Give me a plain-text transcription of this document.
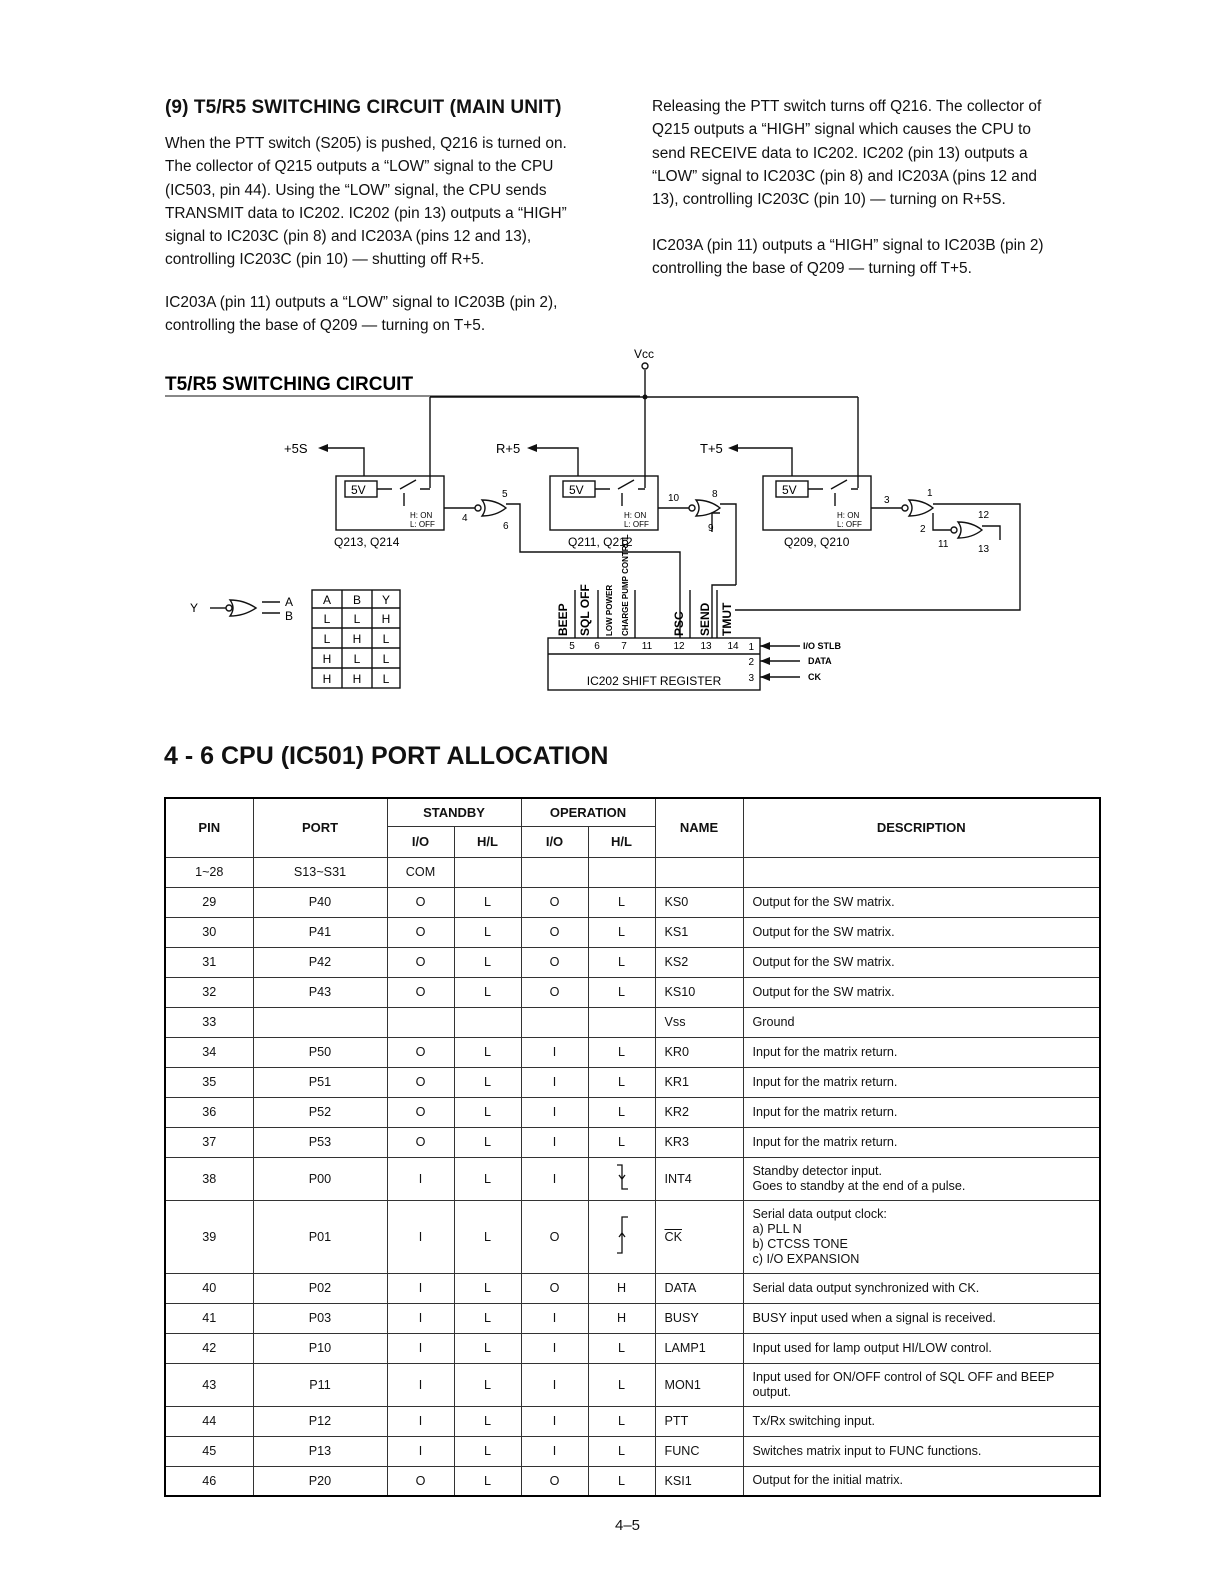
(9) T5/R5 SWITCHING CIRCUIT (MAIN UNIT)

When the PTT switch (S205) is pushed, Q216 is turned on.
The collector of Q215 outputs a “LOW” signal to the CPU
(IC503, pin 44). Using the “LOW” signal, the CPU sends
TRANSMIT data to IC202. IC202 (pin 13) outputs a “HIGH”
signal to IC203C (pin 8) and IC203A (pins 12 and 13),
controlling IC203C (pin 10) — shutting off R+5.

IC203A (pin 11) outputs a “LOW” signal to IC203B (pin 2),
controlling the base of Q209 — turning on T+5.

Releasing the PTT switch turns off Q216. The collector of
Q215 outputs a “HIGH” signal which causes the CPU to
send RECEIVE data to IC202. IC202 (pin 13) outputs a
“LOW” signal to IC203C (pin 8) and IC203A (pins 12 and
13), controlling IC203C (pin 10) — turning on R+5S.

IC203A (pin 11) outputs a “HIGH” signal to IC203B (pin 2)
controlling the base of Q209 — turning off T+5.

T5/R5 SWITCHING CIRCUIT
Vcc
+5S	R+5	T+5
5V	5V	5V
H: ON
L: OFF
H: ON
L: OFF
H: ON
L: OFF
Q213, Q214	Q211, Q212	Q209, Q210
5
4
6
10	8
9
3
1
2
12
11	13
Y	A
B
A B Y
L L H
L H L
H L L
H H L
BEEP SQL OFF LOW POWER CHARGE PUMP CONTROL	PSC SEND TMUT
5 6 7 11 12 13 14
IC202 SHIFT REGISTER
1
2
3
I/O STLB
DATA
CK
4 - 6 CPU (IC501) PORT ALLOCATION
PIN	PORT	STANDBY		OPERATION		NAME	DESCRIPTION
		I/O	H/L	I/O	H/L		
1~28	S13~S31	COM					

29	P40	O	L	O	L	KS0	Output for the SW matrix.

30	P41	O	L	O	L	KS1	Output for the SW matrix.

31	P42	O	L	O	L	KS2	Output for the SW matrix.

32	P43	O	L	O	L	KS10	Output for the SW matrix.

33						Vss	Ground

34	P50	O	L	I	L	KR0	Input for the matrix return.

35	P51	O	L	I	L	KR1	Input for the matrix return.

36	P52	O	L	I	L	KR2	Input for the matrix return.

37	P53	O	L	I	L	KR3	Input for the matrix return.

38	P00	I	L	I		INT4	Standby detector input.
Goes to standby at the end of a pulse.

39	P01	I	L	O		$\overline{CK}$	Serial data output clock:
a) PLL N
b) CTCSS TONE
c) I/O EXPANSION

40	P02	I	L	O	H	DATA	Serial data output synchronized with CK.

41	P03	I	L	I	H	BUSY	BUSY input used when a signal is received.

42	P10	I	L	I	L	LAMP1	Input used for lamp output HI/LOW control.

43	P11	I	L	I	L	MON1	Input used for ON/OFF control of SQL OFF and BEEP
output.

44	P12	I	L	I	L	PTT	Tx/Rx switching input.

45	P13	I	L	I	L	FUNC	Switches matrix input to FUNC functions.

46	P20	O	L	O	L	KSI1	Output for the initial matrix.
4–5
